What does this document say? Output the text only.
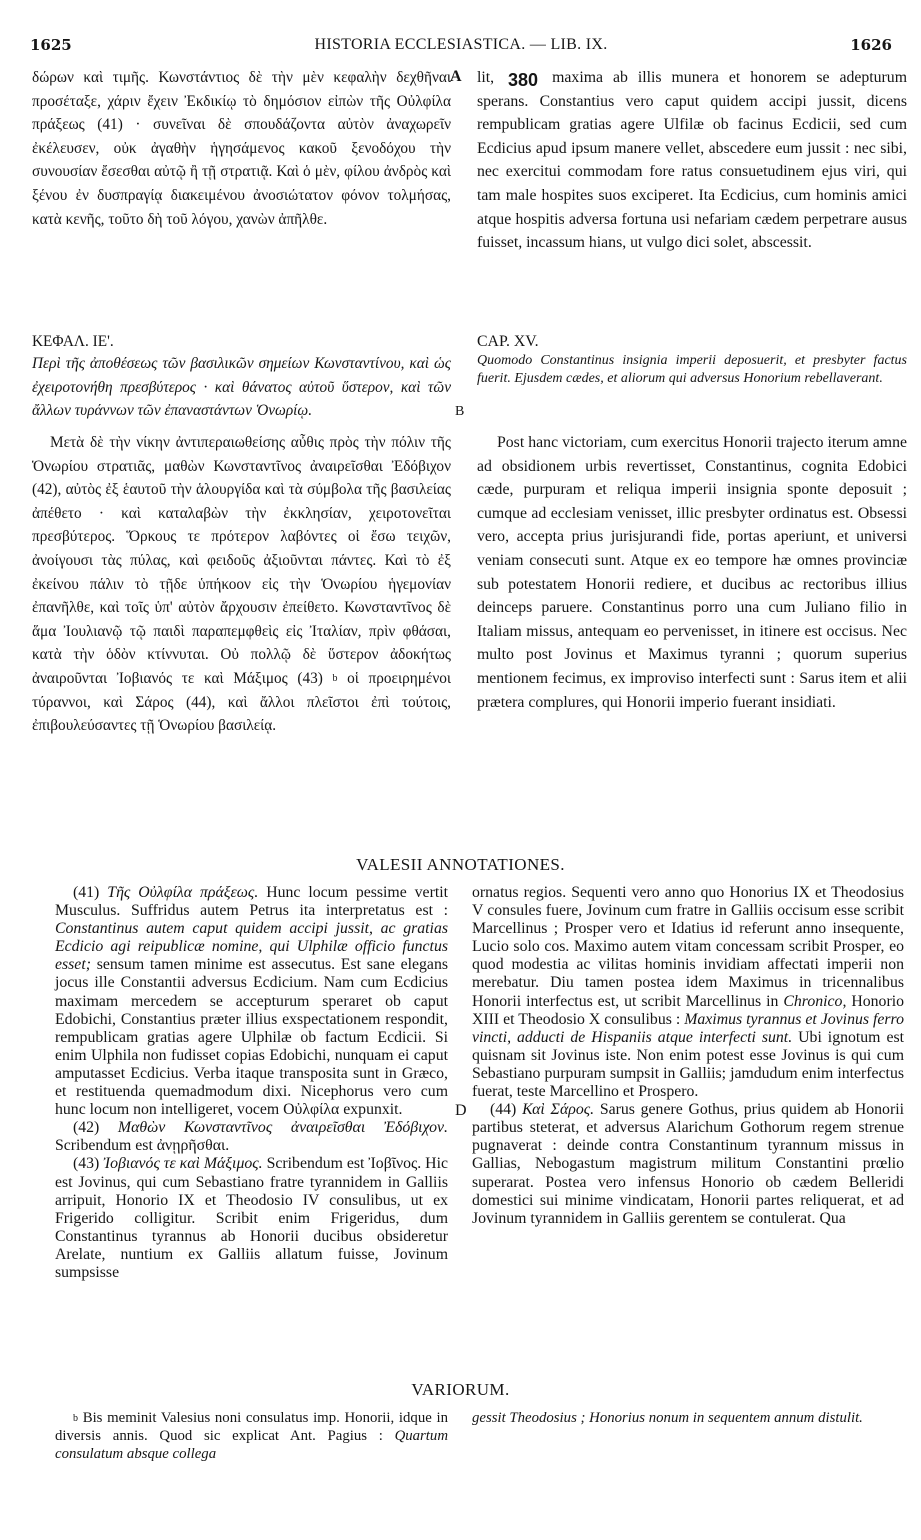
1625	HISTORIA ECCLESIASTICA. — LIB. IX.	1626
A
B
D
380

δώρων καὶ τιμῆς. Κωνστάντιος δὲ τὴν μὲν κεφαλὴν δεχθῆναι προσέταξε, χάριν ἔχειν Ἐκδικίῳ τὸ δημόσιον εἰπὼν τῆς Οὐλφίλα πράξεως (41) · συνεῖναι δὲ σπουδάζοντα αὐτὸν ἀναχωρεῖν ἐκέλευσεν, οὐκ ἀγαθὴν ἡγησάμενος κακοῦ ξενοδόχου τὴν συνουσίαν ἔσεσθαι αὐτῷ ἢ τῇ στρατιᾷ. Καὶ ὁ μὲν, φίλου ἀνδρὸς καὶ ξένου ἐν δυσπραγίᾳ διακειμένου ἀνοσιώτατον φόνον τολμήσας, κατὰ κενῆς, τοῦτο δὴ τοῦ λόγου, χανὼν ἀπῆλθε.

lit,	maxima ab illis munera et honorem se adepturum sperans. Constantius vero caput quidem accipi jussit, dicens rempublicam gratias agere Ulfilæ ob facinus Ecdicii, sed cum Ecdicius apud ipsum manere vellet, abscedere eum jussit : nec sibi, nec exercitui commodam fore ratus consuetudinem ejus viri, qui tam male hospites suos exciperet. Ita Ecdicius, cum hominis amici atque hospitis adversa fortuna usi nefariam cædem perpetrare ausus fuisset, incassum hians, ut vulgo dici solet, abscessit.

ΚΕΦΑΛ. ΙΕ'.

Περὶ τῆς ἀποθέσεως τῶν βασιλικῶν σημείων Κωνσταντίνου, καὶ ὡς ἐχειροτονήθη πρεσβύτερος · καὶ θάνατος αὐτοῦ ὕστερον, καὶ τῶν ἄλλων τυράννων τῶν ἐπαναστάντων Ὁνωρίῳ.

CAP. XV.

Quomodo Constantinus insignia imperii deposuerit, et presbyter factus fuerit. Ejusdem cædes, et aliorum qui adversus Honorium rebellaverant.

Μετὰ δὲ τὴν νίκην ἀντιπεραιωθείσης αὖθις πρὸς τὴν πόλιν τῆς Ὁνωρίου στρατιᾶς, μαθὼν Κωνσταντῖνος ἀναιρεῖσθαι Ἐδόβιχον (42), αὐτὸς ἐξ ἑαυτοῦ τὴν ἁλουργίδα καὶ τὰ σύμβολα τῆς βασιλείας ἀπέθετο · καὶ καταλαβὼν τὴν ἐκκλησίαν, χειροτονεῖται πρεσβύτερος. Ὅρκους τε πρότερον λαβόντες οἱ ἔσω τειχῶν, ἀνοίγουσι τὰς πύλας, καὶ φειδοῦς ἀξιοῦνται πάντες. Καὶ τὸ ἐξ ἐκείνου πάλιν τὸ τῇδε ὑπήκοον εἰς τὴν Ὁνωρίου ἡγεμονίαν ἐπανῆλθε, καὶ τοῖς ὑπ' αὐτὸν ἄρχουσιν ἐπείθετο. Κωνσταντῖνος δὲ ἅμα Ἰουλιανῷ τῷ παιδὶ παραπεμφθεὶς εἰς Ἰταλίαν, πρὶν φθάσαι, κατὰ τὴν ὁδὸν κτίννυται. Οὐ πολλῷ δὲ ὕστερον ἀδοκήτως ἀναιροῦνται Ἰοβιανός τε καὶ Μάξιμος (43) $^b$ οἱ προειρημένοι τύραννοι, καὶ Σάρος (44), καὶ ἄλλοι πλεῖστοι ἐπὶ τούτοις, ἐπιβουλεύσαντες τῇ Ὁνωρίου βασιλείᾳ.

Post hanc victoriam, cum exercitus Honorii trajecto iterum amne ad obsidionem urbis revertisset, Constantinus, cognita Edobici cæde, purpuram et reliqua imperii insignia sponte deposuit ; cumque ad ecclesiam venisset, illic presbyter ordinatus est. Obsessi vero, accepta prius jurisjurandi fide, portas aperiunt, et universi veniam consecuti sunt. Atque ex eo tempore hæ omnes provinciæ sub potestatem Honorii rediere, et ducibus ac rectoribus illius deinceps paruere. Constantinus porro una cum Juliano filio in Italiam missus, antequam eo pervenisset, in itinere est occisus. Nec multo post Jovinus et Maximus tyranni ; quorum superius mentionem fecimus, ex improviso interfecti sunt : Sarus item et alii prætera complures, qui Honorii imperio fuerant insidiati.

VALESII ANNOTATIONES.

(41) Τῆς Οὐλφίλα πράξεως. Hunc locum pessime vertit Musculus. Suffridus autem Petrus ita interpretatus est : Constantinus autem caput quidem accipi jussit, ac gratias Ecdicio agi reipublicæ nomine, qui Ulphilæ officio functus esset; sensum tamen minime est assecutus. Est sane elegans jocus ille Constantii adversus Ecdicium. Nam cum Ecdicius maximam mercedem se accepturum speraret ob caput Edobichi, Constantius præter illius exspectationem respondit, rempublicam gratias agere Ulphilæ ob factum Ecdicii. Si enim Ulphila non fudisset copias Edobichi, nunquam ei caput amputasset Ecdicius. Verba itaque transposita sunt in Græco, et restituenda quemadmodum dixi. Nicephorus vero cum hunc locum non intelligeret, vocem Οὐλφίλα expunxit.

(42) Μαθὼν Κωνσταντῖνος ἀναιρεῖσθαι Ἐδόβιχον. Scribendum est ἀνῃρῆσθαι.

(43) Ἰοβιανός τε καὶ Μάξιμος. Scribendum est Ἰοβῖνος. Hic est Jovinus, qui cum Sebastiano fratre tyrannidem in Galliis arripuit, Honorio IX et Theodosio IV consulibus, ut ex Frigerido colligitur. Scribit enim Frigeridus, dum Constantinus tyrannus ab Honorii ducibus obsideretur Arelate, nuntium ex Galliis allatum fuisse, Jovinum sumpsisse

ornatus regios. Sequenti vero anno quo Honorius IX et Theodosius V consules fuere, Jovinum cum fratre in Galliis occisum esse scribit Marcellinus ; Prosper vero et Idatius id referunt anno insequente, Lucio solo cos. Maximo autem vitam concessam scribit Prosper, eo quod modestia ac vilitas hominis invidiam affectati imperii non merebatur. Diu tamen postea idem Maximus in tricennalibus Honorii interfectus est, ut scribit Marcellinus in Chronico, Honorio XIII et Theodosio X consulibus : Maximus tyrannus et Jovinus ferro vincti, adducti de Hispaniis atque interfecti sunt. Ubi ignotum est quisnam sit Jovinus iste. Non enim potest esse Jovinus is qui cum Sebastiano purpuram sumpsit in Galliis; jamdudum enim interfectus fuerat, teste Marcellino et Prospero.

(44) Καὶ Σάρος. Sarus genere Gothus, prius quidem ab Honorii partibus steterat, et adversus Alarichum Gothorum regem strenue pugnaverat : deinde contra Constantinum tyrannum missus in Gallias, Nebogastum magistrum militum Constantini prœlio superarat. Postea vero infensus Honorio ob cædem Belleridi domestici sui minime vindicatam, Honorii partes reliquerat, et ad Jovinum tyrannidem in Galliis gerentem se contulerat. Qua

VARIORUM.

$^b$ Bis meminit Valesius noni consulatus imp. Honorii, idque in diversis annis. Quod sic explicat Ant. Pagius : Quartum consulatum absque collega

gessit Theodosius ; Honorius nonum in sequentem annum distulit.
